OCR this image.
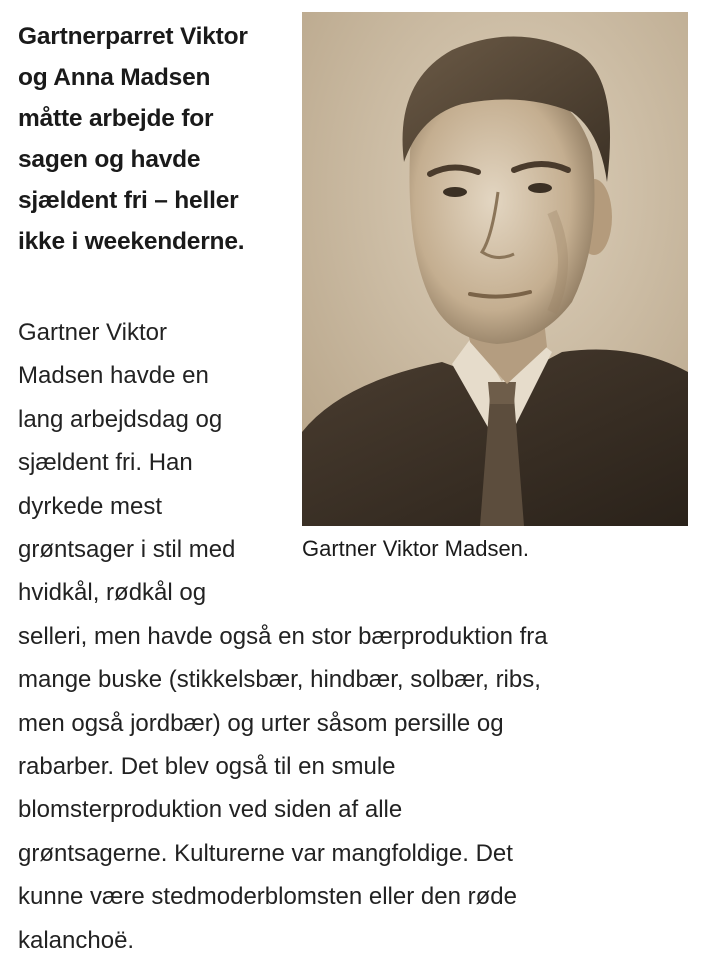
Gartnerparret Viktor
og Anna Madsen
måtte arbejde for
sagen og havde
sjældent fri – heller
ikke i weekenderne.
Gartner Viktor Madsen.
Gartner Viktor
Madsen havde en
lang arbejdsdag og
sjældent fri. Han
dyrkede mest
grøntsager i stil med
hvidkål, rødkål og
selleri, men havde også en stor bærproduktion fra
mange buske (stikkelsbær, hindbær, solbær, ribs,
men også jordbær) og urter såsom persille og
rabarber. Det blev også til en smule
blomsterproduktion ved siden af alle
grøntsagerne. Kulturerne var mangfoldige. Det
kunne være stedmoderblomsten eller den røde
kalanchoë.
